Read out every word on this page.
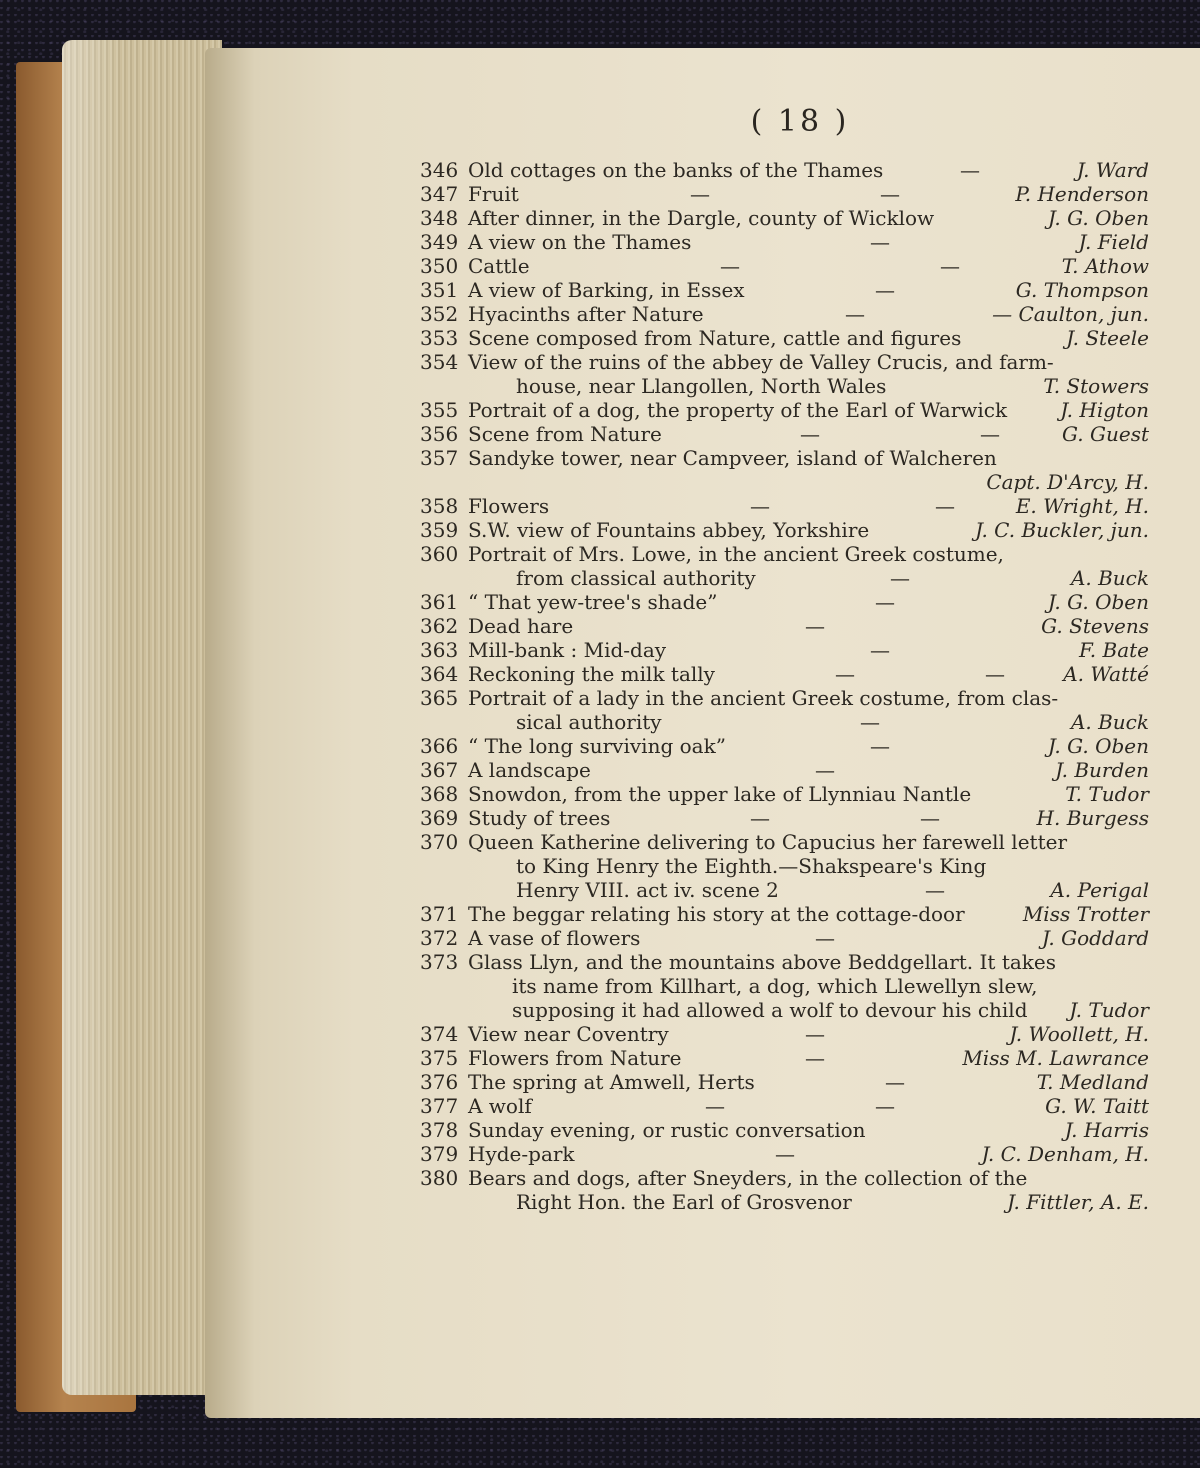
( 18 )
346 Old cottages on the banks of the Thames	—	J. Ward
347 Fruit	—	—	P. Henderson
348 After dinner, in the Dargle, county of Wicklow	J. G. Oben
349 A view on the Thames	—	J. Field
350 Cattle	—	—	T. Athow
351 A view of Barking, in Essex	—	G. Thompson
352 Hyacinths after Nature	—	— Caulton, jun.
353 Scene composed from Nature, cattle and figures	J. Steele
354 View of the ruins of the abbey de Valley Crucis, and farm-
house, near Llangollen, North Wales	T. Stowers
355 Portrait of a dog, the property of the Earl of Warwick	J. Higton
356 Scene from Nature	—	—	G. Guest
357 Sandyke tower, near Campveer, island of Walcheren
Capt. D'Arcy, H.
358 Flowers	—	—	E. Wright, H.
359 S.W. view of Fountains abbey, Yorkshire	J. C. Buckler, jun.
360 Portrait of Mrs. Lowe, in the ancient Greek costume,
from classical authority	—	A. Buck
361 “ That yew-tree's shade”	—	J. G. Oben
362 Dead hare	—	G. Stevens
363 Mill-bank : Mid-day	—	F. Bate
364 Reckoning the milk tally	—	—	A. Watté
365 Portrait of a lady in the ancient Greek costume, from clas-
sical authority	—	A. Buck
366 “ The long surviving oak”	—	J. G. Oben
367 A landscape	—	J. Burden
368 Snowdon, from the upper lake of Llynniau Nantle	T. Tudor
369 Study of trees	—	—	H. Burgess
370 Queen Katherine delivering to Capucius her farewell letter
to King Henry the Eighth.—Shakspeare's King
Henry VIII. act iv. scene 2	—	A. Perigal
371 The beggar relating his story at the cottage-door	Miss Trotter
372 A vase of flowers	—	J. Goddard
373 Glass Llyn, and the mountains above Beddgellart. It takes
its name from Killhart, a dog, which Llewellyn slew,
supposing it had allowed a wolf to devour his child J. Tudor
374 View near Coventry	—	J. Woollett, H.
375 Flowers from Nature	—	Miss M. Lawrance
376 The spring at Amwell, Herts	—	T. Medland
377 A wolf	—	—	G. W. Taitt
378 Sunday evening, or rustic conversation	J. Harris
379 Hyde-park	—	J. C. Denham, H.
380 Bears and dogs, after Sneyders, in the collection of the
Right Hon. the Earl of Grosvenor	J. Fittler, A. E.
